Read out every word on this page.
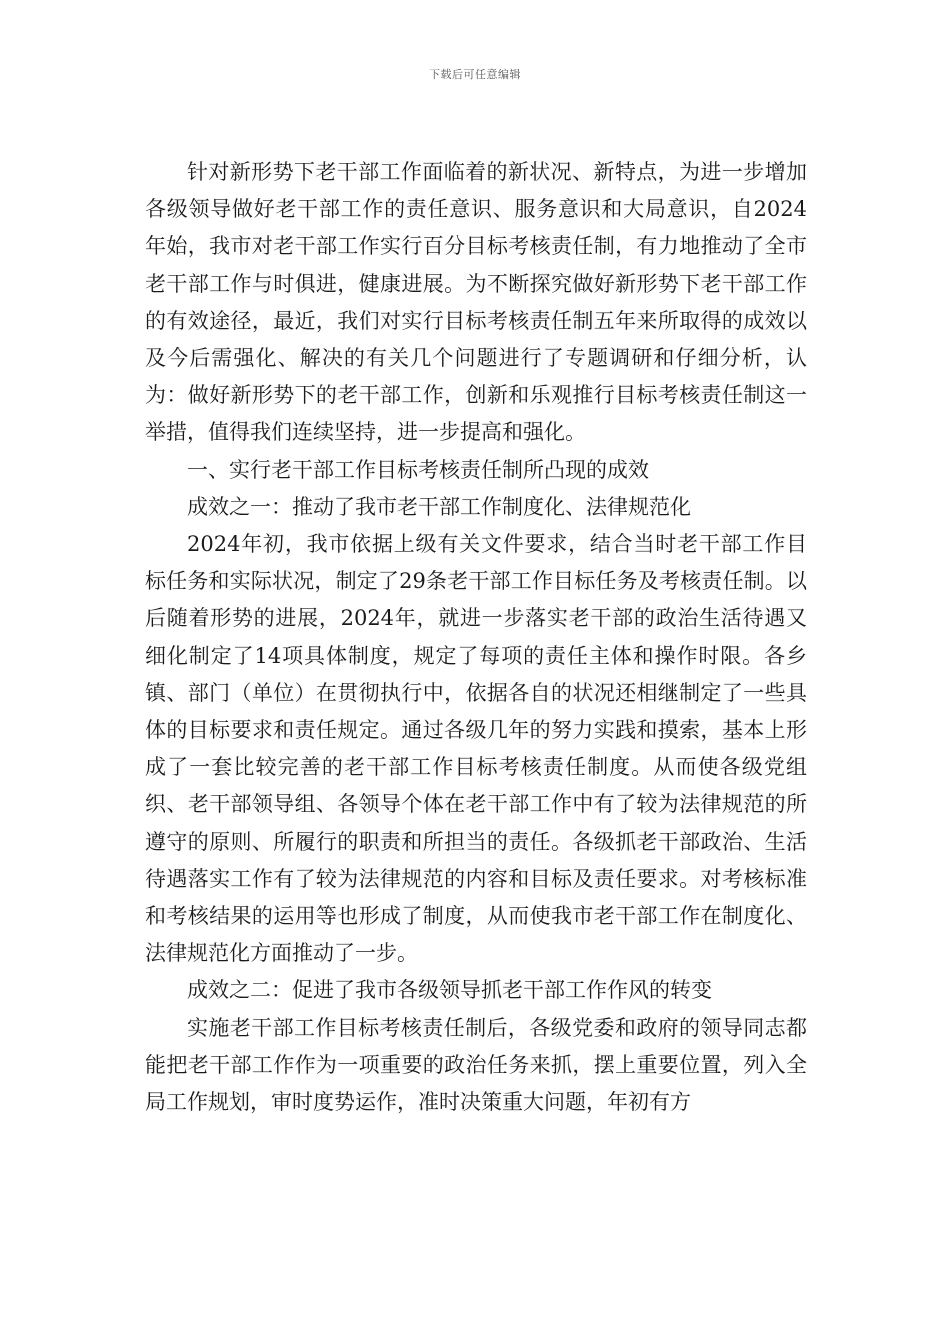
下载后可任意编辑

针对新形势下老干部工作面临着的新状况、新特点，为进一步增加各级领导做好老干部工作的责任意识、服务意识和大局意识，自2024年始，我市对老干部工作实行百分目标考核责任制，有力地推动了全市老干部工作与时俱进，健康进展。为不断探究做好新形势下老干部工作的有效途径，最近，我们对实行目标考核责任制五年来所取得的成效以及今后需强化、解决的有关几个问题进行了专题调研和仔细分析，认为：做好新形势下的老干部工作，创新和乐观推行目标考核责任制这一举措，值得我们连续坚持，进一步提高和强化。

一、实行老干部工作目标考核责任制所凸现的成效

成效之一：推动了我市老干部工作制度化、法律规范化

2024年初，我市依据上级有关文件要求，结合当时老干部工作目标任务和实际状况，制定了29条老干部工作目标任务及考核责任制。以后随着形势的进展，2024年，就进一步落实老干部的政治生活待遇又细化制定了14项具体制度，规定了每项的责任主体和操作时限。各乡镇、部门（单位）在贯彻执行中，依据各自的状况还相继制定了一些具体的目标要求和责任规定。通过各级几年的努力实践和摸索，基本上形成了一套比较完善的老干部工作目标考核责任制度。从而使各级党组织、老干部领导组、各领导个体在老干部工作中有了较为法律规范的所遵守的原则、所履行的职责和所担当的责任。各级抓老干部政治、生活待遇落实工作有了较为法律规范的内容和目标及责任要求。对考核标准和考核结果的运用等也形成了制度，从而使我市老干部工作在制度化、法律规范化方面推动了一步。

成效之二：促进了我市各级领导抓老干部工作作风的转变

实施老干部工作目标考核责任制后，各级党委和政府的领导同志都能把老干部工作作为一项重要的政治任务来抓，摆上重要位置，列入全局工作规划，审时度势运作，准时决策重大问题，年初有方
